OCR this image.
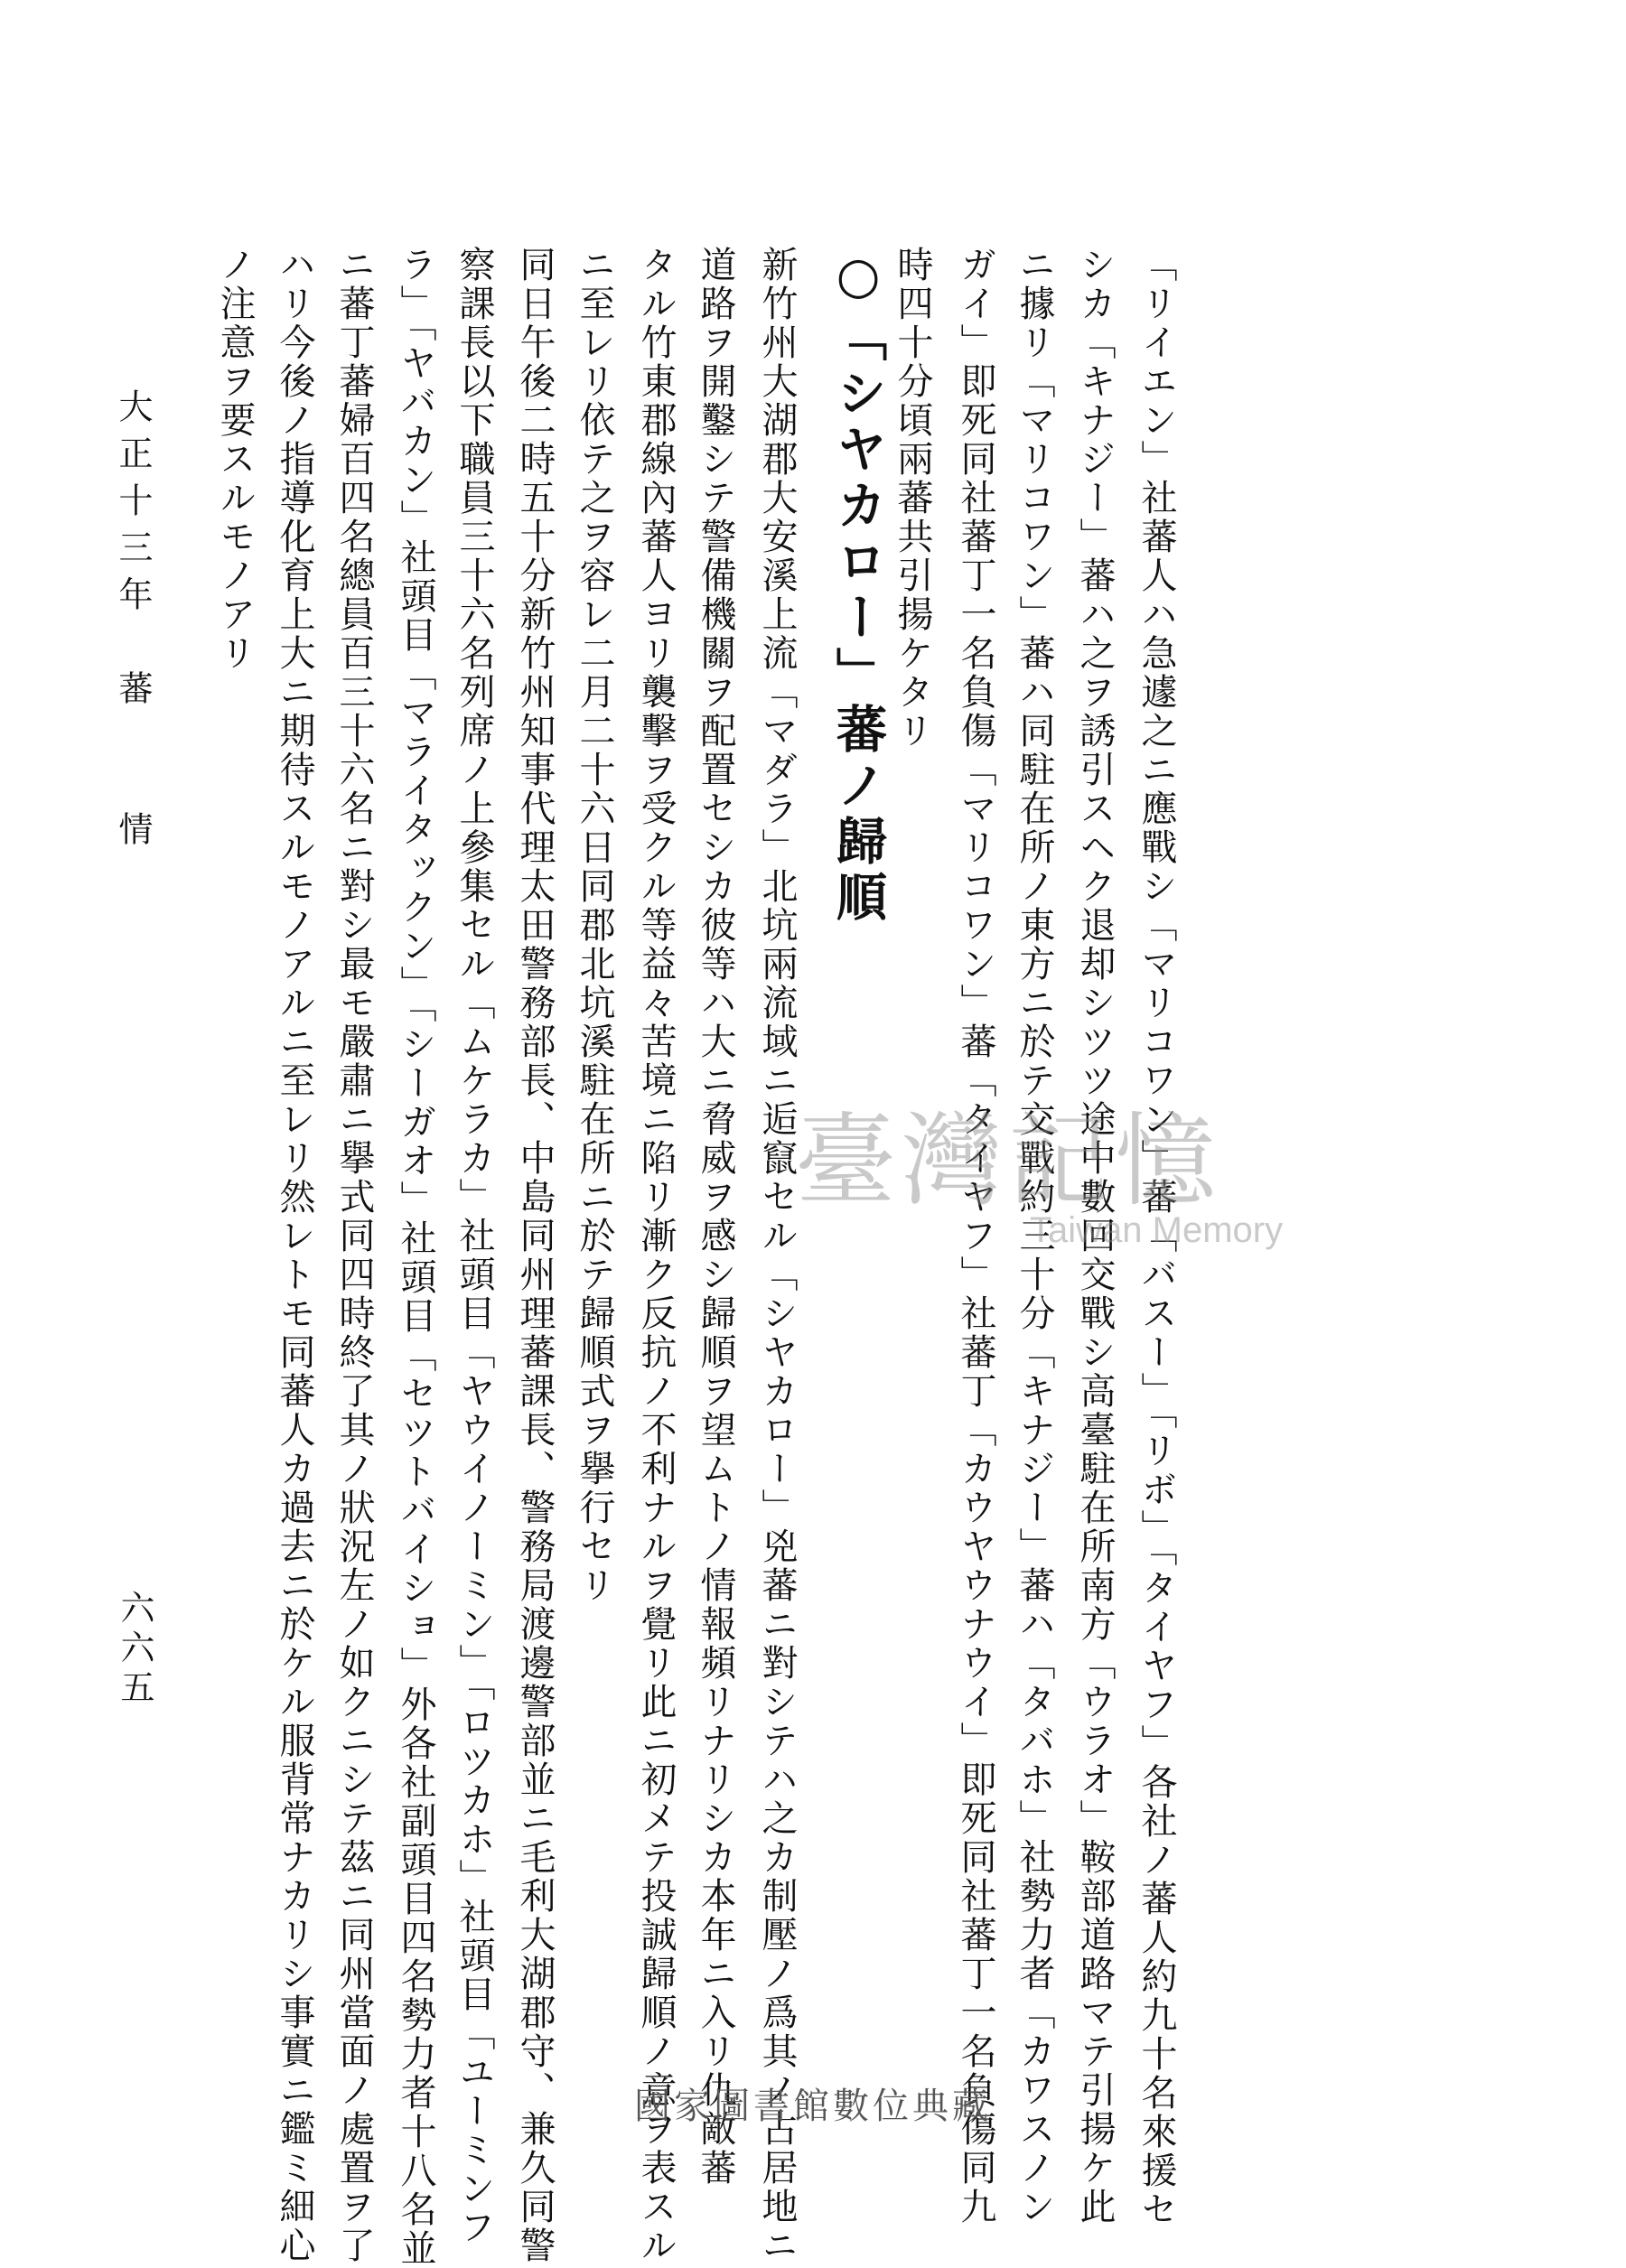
「リイエン」社蕃人ハ急遽之ニ應戰シ「マリコワン」蕃「バスー」「リボ」「タイヤフ」各社ノ蕃人約九十名來援セ
シカ「キナジー」蕃ハ之ヲ誘引スヘク退却シツツ途中數回交戰シ高臺駐在所南方「ウラオ」鞍部道路マテ引揚ケ此
ニ據リ「マリコワン」蕃ハ同駐在所ノ東方ニ於テ交戰約三十分「キナジー」蕃ハ「タバホ」社勢力者「カワスノン
ガイ」即死同社蕃丁一名負傷「マリコワン」蕃「タイヤフ」社蕃丁「カウヤウナウイ」即死同社蕃丁一名負傷同九
時四十分頃兩蕃共引揚ケタリ
○「シヤカロー」蕃ノ歸順
新竹州大湖郡大安溪上流「マダラ」北坑兩流域ニ逅竄セル「シヤカロー」兇蕃ニ對シテハ之カ制壓ノ爲其ノ占居地ニ
道路ヲ開鑿シテ警備機關ヲ配置セシカ彼等ハ大ニ脅威ヲ感シ歸順ヲ望ムトノ情報頻リナリシカ本年ニ入リ仇敵蕃
タル竹東郡線內蕃人ヨリ襲擊ヲ受クル等益々苦境ニ陷リ漸ク反抗ノ不利ナルヲ覺リ此ニ初メテ投誠歸順ノ意ヲ表スル
ニ至レリ依テ之ヲ容レ二月二十六日同郡北坑溪駐在所ニ於テ歸順式ヲ擧行セリ
同日午後二時五十分新竹州知事代理太田警務部長、中島同州理蕃課長、警務局渡邊警部並ニ毛利大湖郡守、兼久同警
察課長以下職員三十六名列席ノ上參集セル「ムケラカ」社頭目「ヤウイノーミン」「ロツカホ」社頭目「ユーミンフ
ラ」「ヤバカン」社頭目「マライタックン」「シーガオ」社頭目「セツトバイショ」外各社副頭目四名勢力者十八名並
ニ蕃丁蕃婦百四名總員百三十六名ニ對シ最モ嚴肅ニ擧式同四時終了其ノ狀況左ノ如クニシテ茲ニ同州當面ノ處置ヲ了
ハリ今後ノ指導化育上大ニ期待スルモノアルニ至レリ然レトモ同蕃人カ過去ニ於ケル服背常ナカリシ事實ニ鑑ミ細心
ノ注意ヲ要スルモノアリ
大正十三年　蕃　　情
六六五
臺灣記憶
Taiwan Memory
國家圖書館數位典藏
